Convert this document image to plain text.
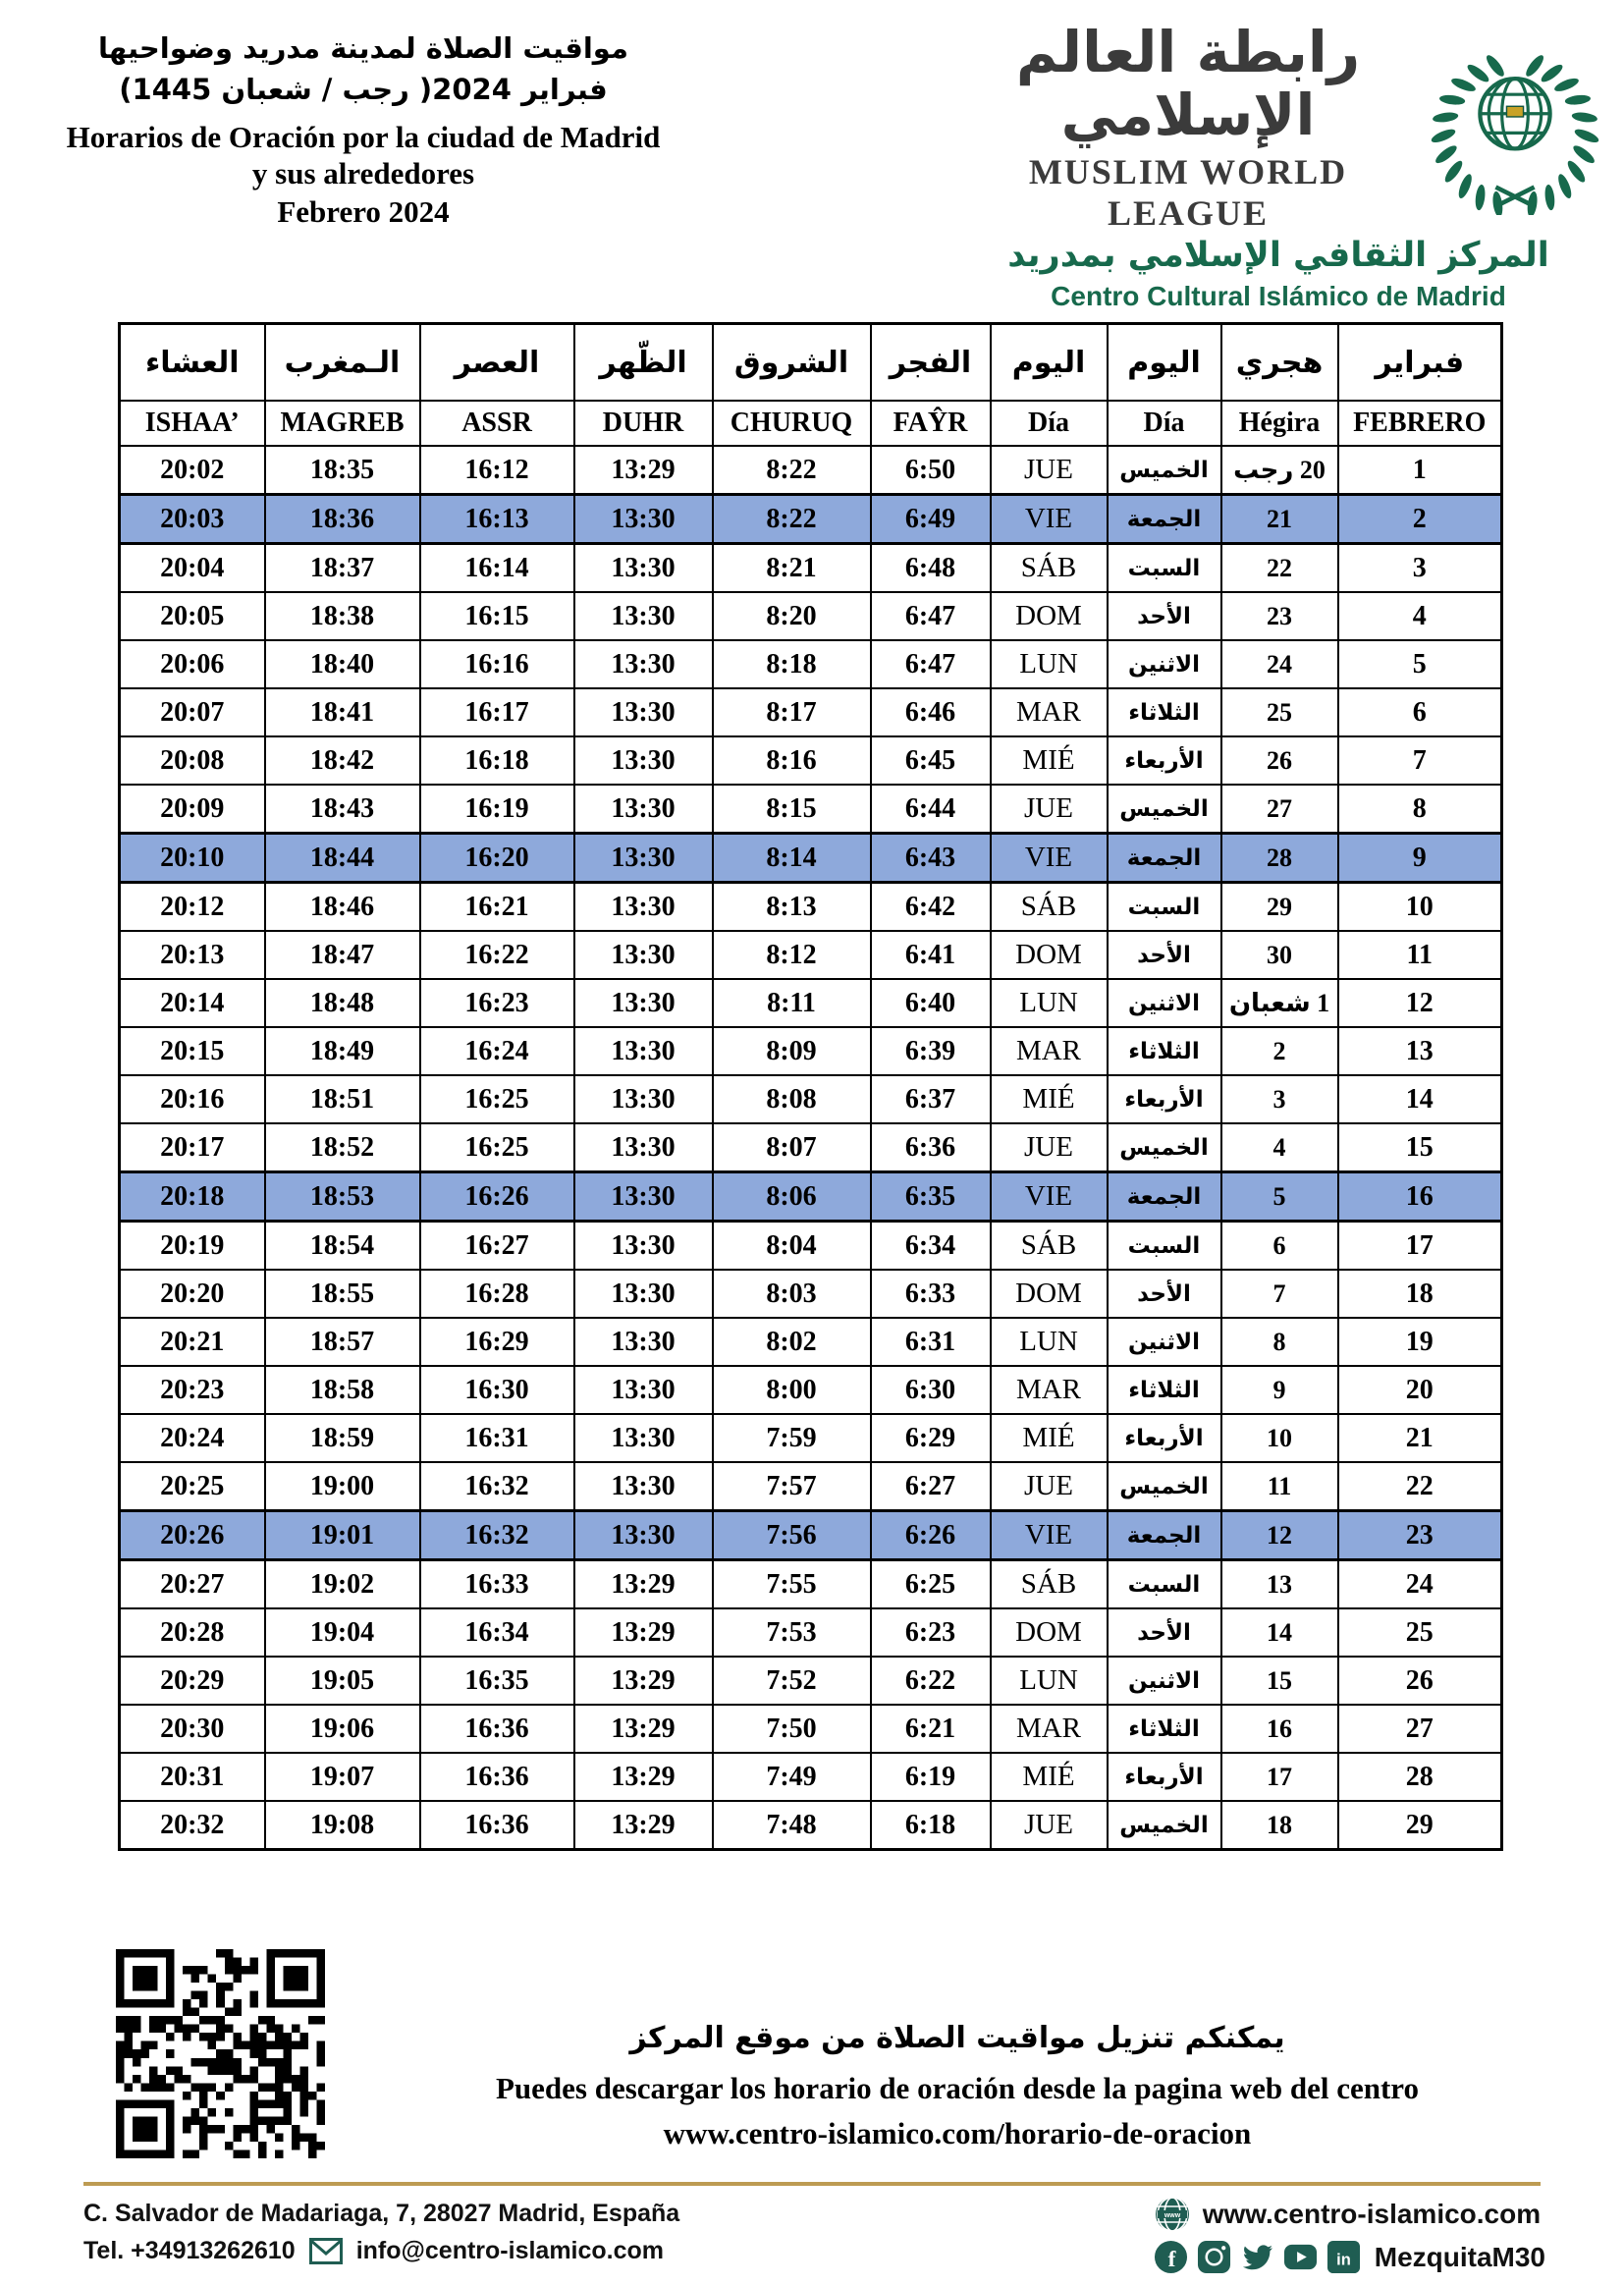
مواقيت الصلاة لمدينة مدريد وضواحيها
فبراير 2024( رجب / شعبان 1445)
Horarios de Oración por la ciudad de Madrid
y sus alrededores
Febrero 2024
رابطة العالم الإسلامي
MUSLIM WORLD LEAGUE
المركز الثقافي الإسلامي بمدريد
Centro Cultural Islámico de Madrid
العشاء	الـمغرب	العصر	الظّهر	الشروق	الفجر	اليوم	اليوم	هجري	فبراير
ISHAA’	MAGREB	ASSR	DUHR	CHURUQ	FAŶR	Día	Día	Hégira	FEBRERO
20:02	18:35	16:12	13:29	8:22	6:50	JUE	الخميس	20 رجب	1
20:03	18:36	16:13	13:30	8:22	6:49	VIE	الجمعة	21	2
20:04	18:37	16:14	13:30	8:21	6:48	SÁB	السبت	22	3
20:05	18:38	16:15	13:30	8:20	6:47	DOM	الأحد	23	4
20:06	18:40	16:16	13:30	8:18	6:47	LUN	الاثنين	24	5
20:07	18:41	16:17	13:30	8:17	6:46	MAR	الثلاثاء	25	6
20:08	18:42	16:18	13:30	8:16	6:45	MIÉ	الأربعاء	26	7
20:09	18:43	16:19	13:30	8:15	6:44	JUE	الخميس	27	8
20:10	18:44	16:20	13:30	8:14	6:43	VIE	الجمعة	28	9
20:12	18:46	16:21	13:30	8:13	6:42	SÁB	السبت	29	10
20:13	18:47	16:22	13:30	8:12	6:41	DOM	الأحد	30	11
20:14	18:48	16:23	13:30	8:11	6:40	LUN	الاثنين	1 شعبان	12
20:15	18:49	16:24	13:30	8:09	6:39	MAR	الثلاثاء	2	13
20:16	18:51	16:25	13:30	8:08	6:37	MIÉ	الأربعاء	3	14
20:17	18:52	16:25	13:30	8:07	6:36	JUE	الخميس	4	15
20:18	18:53	16:26	13:30	8:06	6:35	VIE	الجمعة	5	16
20:19	18:54	16:27	13:30	8:04	6:34	SÁB	السبت	6	17
20:20	18:55	16:28	13:30	8:03	6:33	DOM	الأحد	7	18
20:21	18:57	16:29	13:30	8:02	6:31	LUN	الاثنين	8	19
20:23	18:58	16:30	13:30	8:00	6:30	MAR	الثلاثاء	9	20
20:24	18:59	16:31	13:30	7:59	6:29	MIÉ	الأربعاء	10	21
20:25	19:00	16:32	13:30	7:57	6:27	JUE	الخميس	11	22
20:26	19:01	16:32	13:30	7:56	6:26	VIE	الجمعة	12	23
20:27	19:02	16:33	13:29	7:55	6:25	SÁB	السبت	13	24
20:28	19:04	16:34	13:29	7:53	6:23	DOM	الأحد	14	25
20:29	19:05	16:35	13:29	7:52	6:22	LUN	الاثنين	15	26
20:30	19:06	16:36	13:29	7:50	6:21	MAR	الثلاثاء	16	27
20:31	19:07	16:36	13:29	7:49	6:19	MIÉ	الأربعاء	17	28
20:32	19:08	16:36	13:29	7:48	6:18	JUE	الخميس	18	29
يمكنكم تنزيل مواقيت الصلاة من موقع المركز
Puedes descargar los horario de oración desde la pagina web del centro
www.centro-islamico.com/horario-de-oracion
C. Salvador de Madariaga, 7, 28027 Madrid, España
Tel. +34913262610 info@centro-islamico.com
www www.centro-islamico.com
f	in MezquitaM30
